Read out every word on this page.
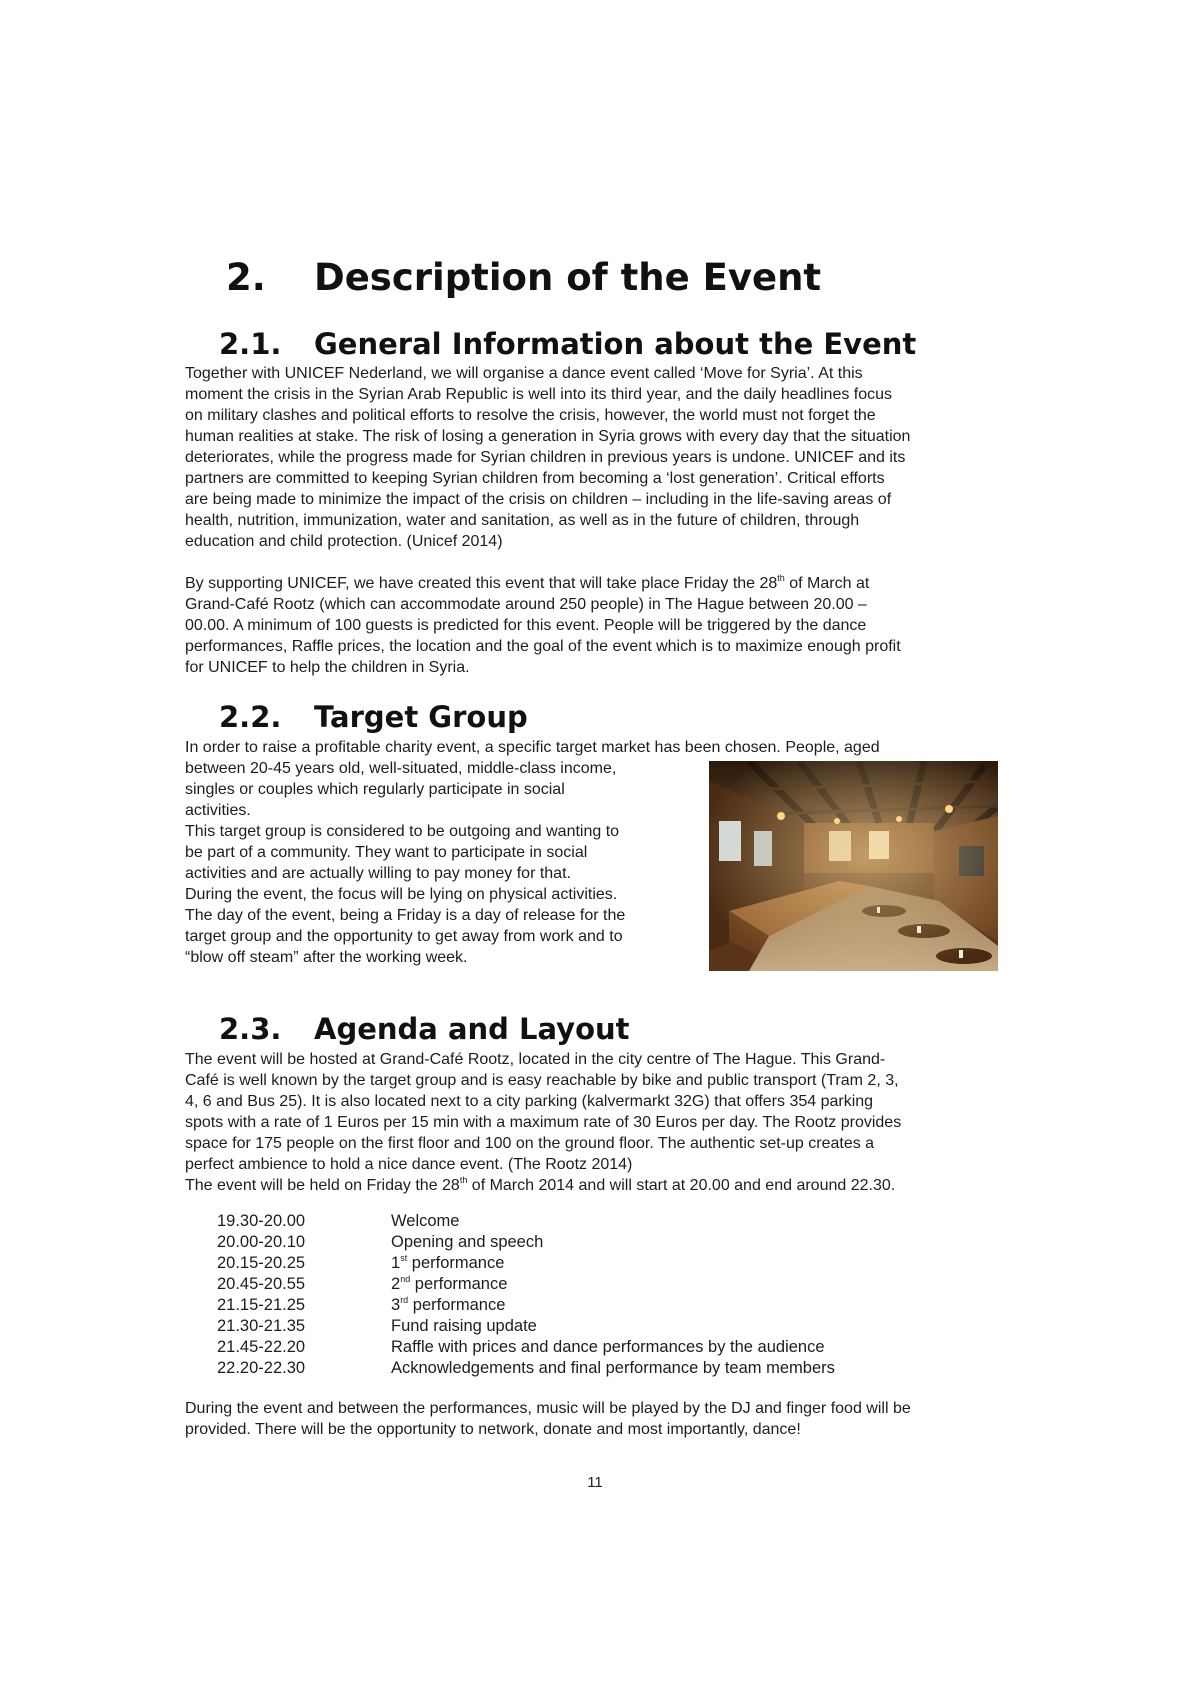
2. Description of the Event
2.1. General Information about the Event
Together with UNICEF Nederland, we will organise a dance event called ‘Move for Syria’. At this
moment the crisis in the Syrian Arab Republic is well into its third year, and the daily headlines focus
on military clashes and political efforts to resolve the crisis, however, the world must not forget the
human realities at stake. The risk of losing a generation in Syria grows with every day that the situation
deteriorates, while the progress made for Syrian children in previous years is undone. UNICEF and its
partners are committed to keeping Syrian children from becoming a ‘lost generation’. Critical efforts
are being made to minimize the impact of the crisis on children – including in the life-saving areas of
health, nutrition, immunization, water and sanitation, as well as in the future of children, through
education and child protection. (Unicef 2014)
By supporting UNICEF, we have created this event that will take place Friday the 28th of March at
Grand-Café Rootz (which can accommodate around 250 people) in The Hague between 20.00 –
00.00. A minimum of 100 guests is predicted for this event. People will be triggered by the dance
performances, Raffle prices, the location and the goal of the event which is to maximize enough profit
for UNICEF to help the children in Syria.
2.2. Target Group
In order to raise a profitable charity event, a specific target market has been chosen. People, aged
between 20-45 years old, well-situated, middle-class income,
singles or couples which regularly participate in social
activities.
This target group is considered to be outgoing and wanting to
be part of a community. They want to participate in social
activities and are actually willing to pay money for that.
During the event, the focus will be lying on physical activities.
The day of the event, being a Friday is a day of release for the
target group and the opportunity to get away from work and to
“blow off steam” after the working week.
2.3. Agenda and Layout
The event will be hosted at Grand-Café Rootz, located in the city centre of The Hague. This Grand-
Café is well known by the target group and is easy reachable by bike and public transport (Tram 2, 3,
4, 6 and Bus 25). It is also located next to a city parking (kalvermarkt 32G) that offers 354 parking
spots with a rate of 1 Euros per 15 min with a maximum rate of 30 Euros per day. The Rootz provides
space for 175 people on the first floor and 100 on the ground floor. The authentic set-up creates a
perfect ambience to hold a nice dance event. (The Rootz 2014)
The event will be held on Friday the 28th of March 2014 and will start at 20.00 and end around 22.30.
19.30-20.00	Welcome
20.00-20.10	Opening and speech
20.15-20.25	1st performance
20.45-20.55	2nd performance
21.15-21.25	3rd performance
21.30-21.35	Fund raising update
21.45-22.20	Raffle with prices and dance performances by the audience
22.20-22.30	Acknowledgements and final performance by team members
During the event and between the performances, music will be played by the DJ and finger food will be
provided. There will be the opportunity to network, donate and most importantly, dance!
11
